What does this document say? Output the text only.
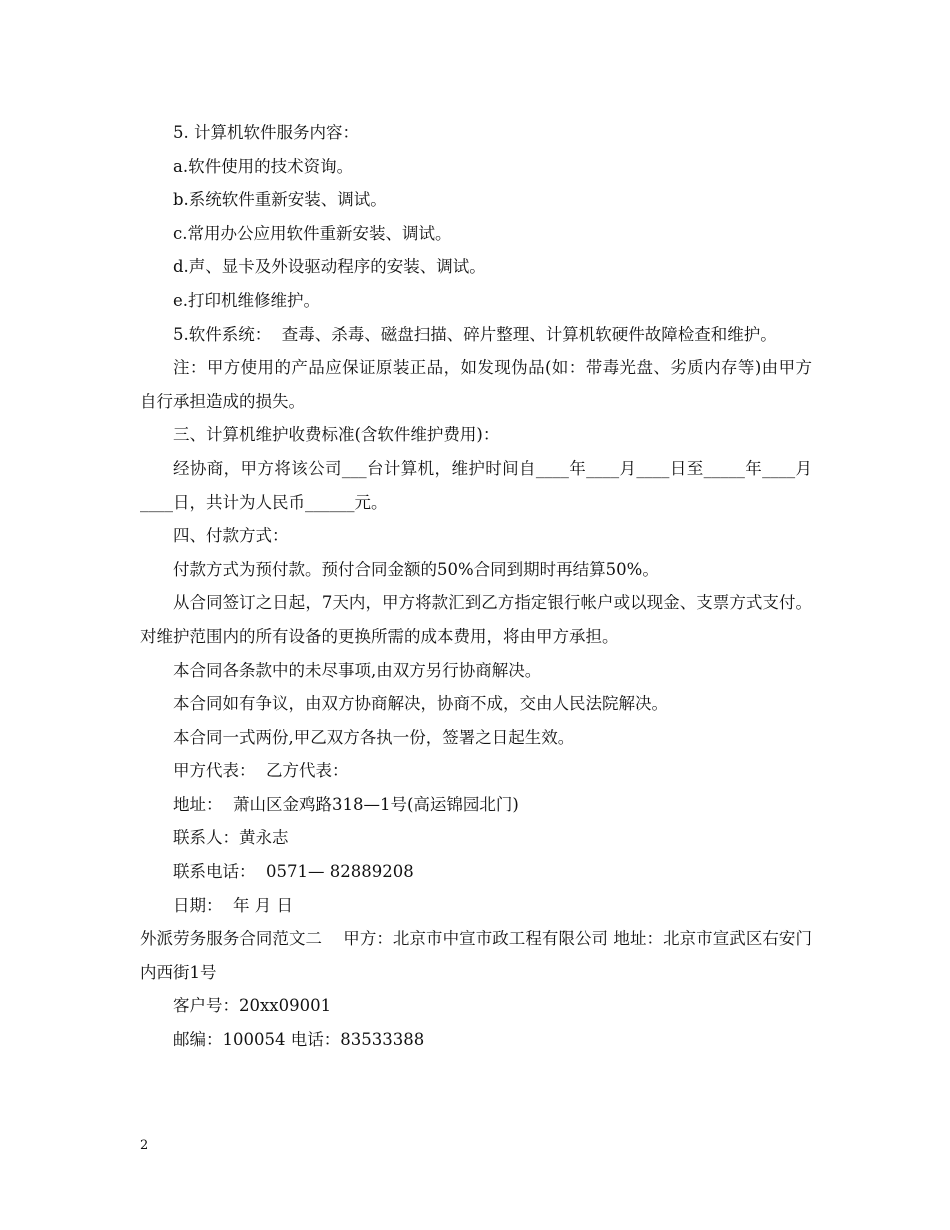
5. 计算机软件服务内容：

a.软件使用的技术资询。

b.系统软件重新安装、调试。

c.常用办公应用软件重新安装、调试。

d.声、显卡及外设驱动程序的安装、调试。

e.打印机维修维护。

5.软件系统：  查毒、杀毒、磁盘扫描、碎片整理、计算机软硬件故障检查和维护。

注：甲方使用的产品应保证原装正品，如发现伪品(如：带毒光盘、劣质内存等)由甲方自行承担造成的损失。

三、计算机维护收费标准(含软件维护费用)：

经协商，甲方将该公司___台计算机，维护时间自____年____月____日至_____年____月____日，共计为人民币______元。

四、付款方式：

付款方式为预付款。预付合同金额的50%合同到期时再结算50%。

从合同签订之日起，7天内，甲方将款汇到乙方指定银行帐户或以现金、支票方式支付。对维护范围内的所有设备的更换所需的成本费用，将由甲方承担。

本合同各条款中的未尽事项,由双方另行协商解决。

本合同如有争议，由双方协商解决，协商不成，交由人民法院解决。

本合同一式两份,甲乙双方各执一份，签署之日起生效。

甲方代表：  乙方代表：

地址：  萧山区金鸡路318—1号(高运锦园北门)

联系人：黄永志

联系电话：  0571— 82889208

日期：  年 月 日

外派劳务服务合同范文二    甲方：北京市中宣市政工程有限公司 地址：北京市宣武区右安门内西街1号

客户号：20xx09001

邮编：100054 电话：83533388

2
